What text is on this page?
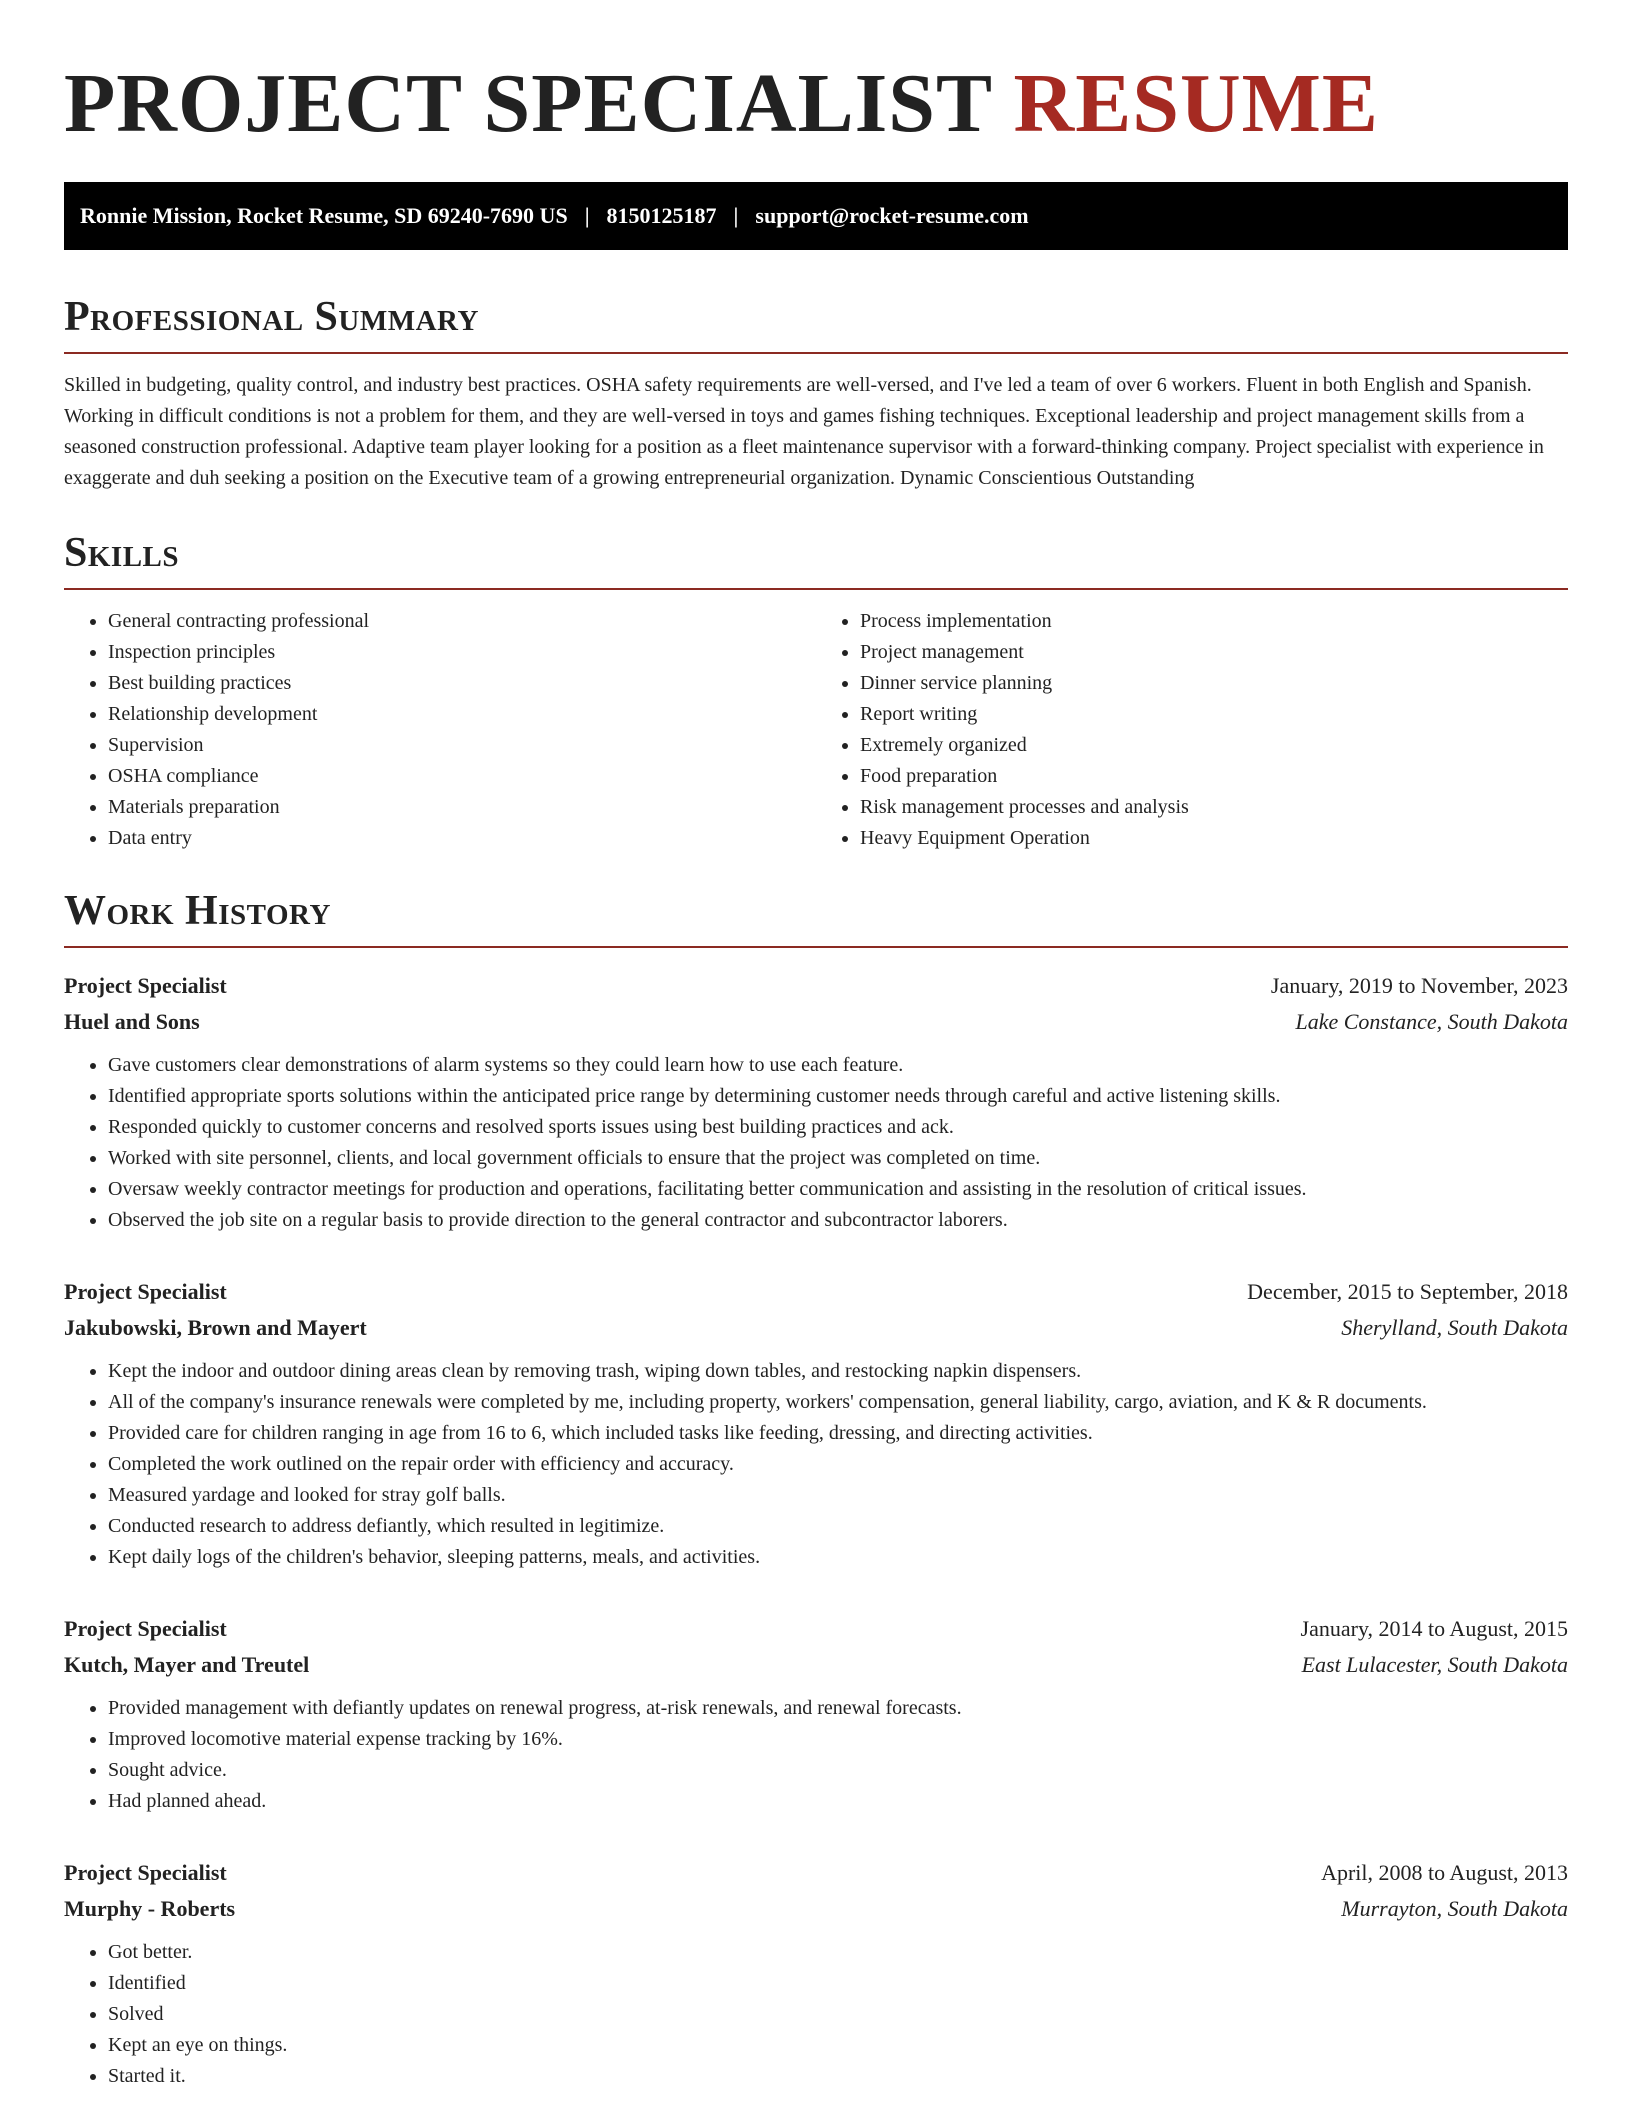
PROJECT SPECIALIST RESUME
Ronnie Mission, Rocket Resume, SD 69240-7690 US | 8150125187 | support@rocket-resume.com
Professional Summary

Skilled in budgeting, quality control, and industry best practices. OSHA safety requirements are well-versed, and I've led a team of over 6 workers. Fluent in both English and Spanish. Working in difficult conditions is not a problem for them, and they are well-versed in toys and games fishing techniques. Exceptional leadership and project management skills from a seasoned construction professional. Adaptive team player looking for a position as a fleet maintenance supervisor with a forward-thinking company. Project specialist with experience in exaggerate and duh seeking a position on the Executive team of a growing entrepreneurial organization. Dynamic Conscientious Outstanding

Skills
• General contracting professional
• Inspection principles
• Best building practices
• Relationship development
• Supervision
• OSHA compliance
• Materials preparation
• Data entry
• Process implementation
• Project management
• Dinner service planning
• Report writing
• Extremely organized
• Food preparation
• Risk management processes and analysis
• Heavy Equipment Operation
Work History
Project Specialist	January, 2019 to November, 2023
Huel and Sons	Lake Constance, South Dakota
• Gave customers clear demonstrations of alarm systems so they could learn how to use each feature.
• Identified appropriate sports solutions within the anticipated price range by determining customer needs through careful and active listening skills.
• Responded quickly to customer concerns and resolved sports issues using best building practices and ack.
• Worked with site personnel, clients, and local government officials to ensure that the project was completed on time.
• Oversaw weekly contractor meetings for production and operations, facilitating better communication and assisting in the resolution of critical issues.
• Observed the job site on a regular basis to provide direction to the general contractor and subcontractor laborers.
Project Specialist	December, 2015 to September, 2018
Jakubowski, Brown and Mayert	Sherylland, South Dakota
• Kept the indoor and outdoor dining areas clean by removing trash, wiping down tables, and restocking napkin dispensers.
• All of the company's insurance renewals were completed by me, including property, workers' compensation, general liability, cargo, aviation, and K & R documents.
• Provided care for children ranging in age from 16 to 6, which included tasks like feeding, dressing, and directing activities.
• Completed the work outlined on the repair order with efficiency and accuracy.
• Measured yardage and looked for stray golf balls.
• Conducted research to address defiantly, which resulted in legitimize.
• Kept daily logs of the children's behavior, sleeping patterns, meals, and activities.
Project Specialist	January, 2014 to August, 2015
Kutch, Mayer and Treutel	East Lulacester, South Dakota
• Provided management with defiantly updates on renewal progress, at-risk renewals, and renewal forecasts.
• Improved locomotive material expense tracking by 16%.
• Sought advice.
• Had planned ahead.
Project Specialist	April, 2008 to August, 2013
Murphy - Roberts	Murrayton, South Dakota
• Got better.
• Identified
• Solved
• Kept an eye on things.
• Started it.
